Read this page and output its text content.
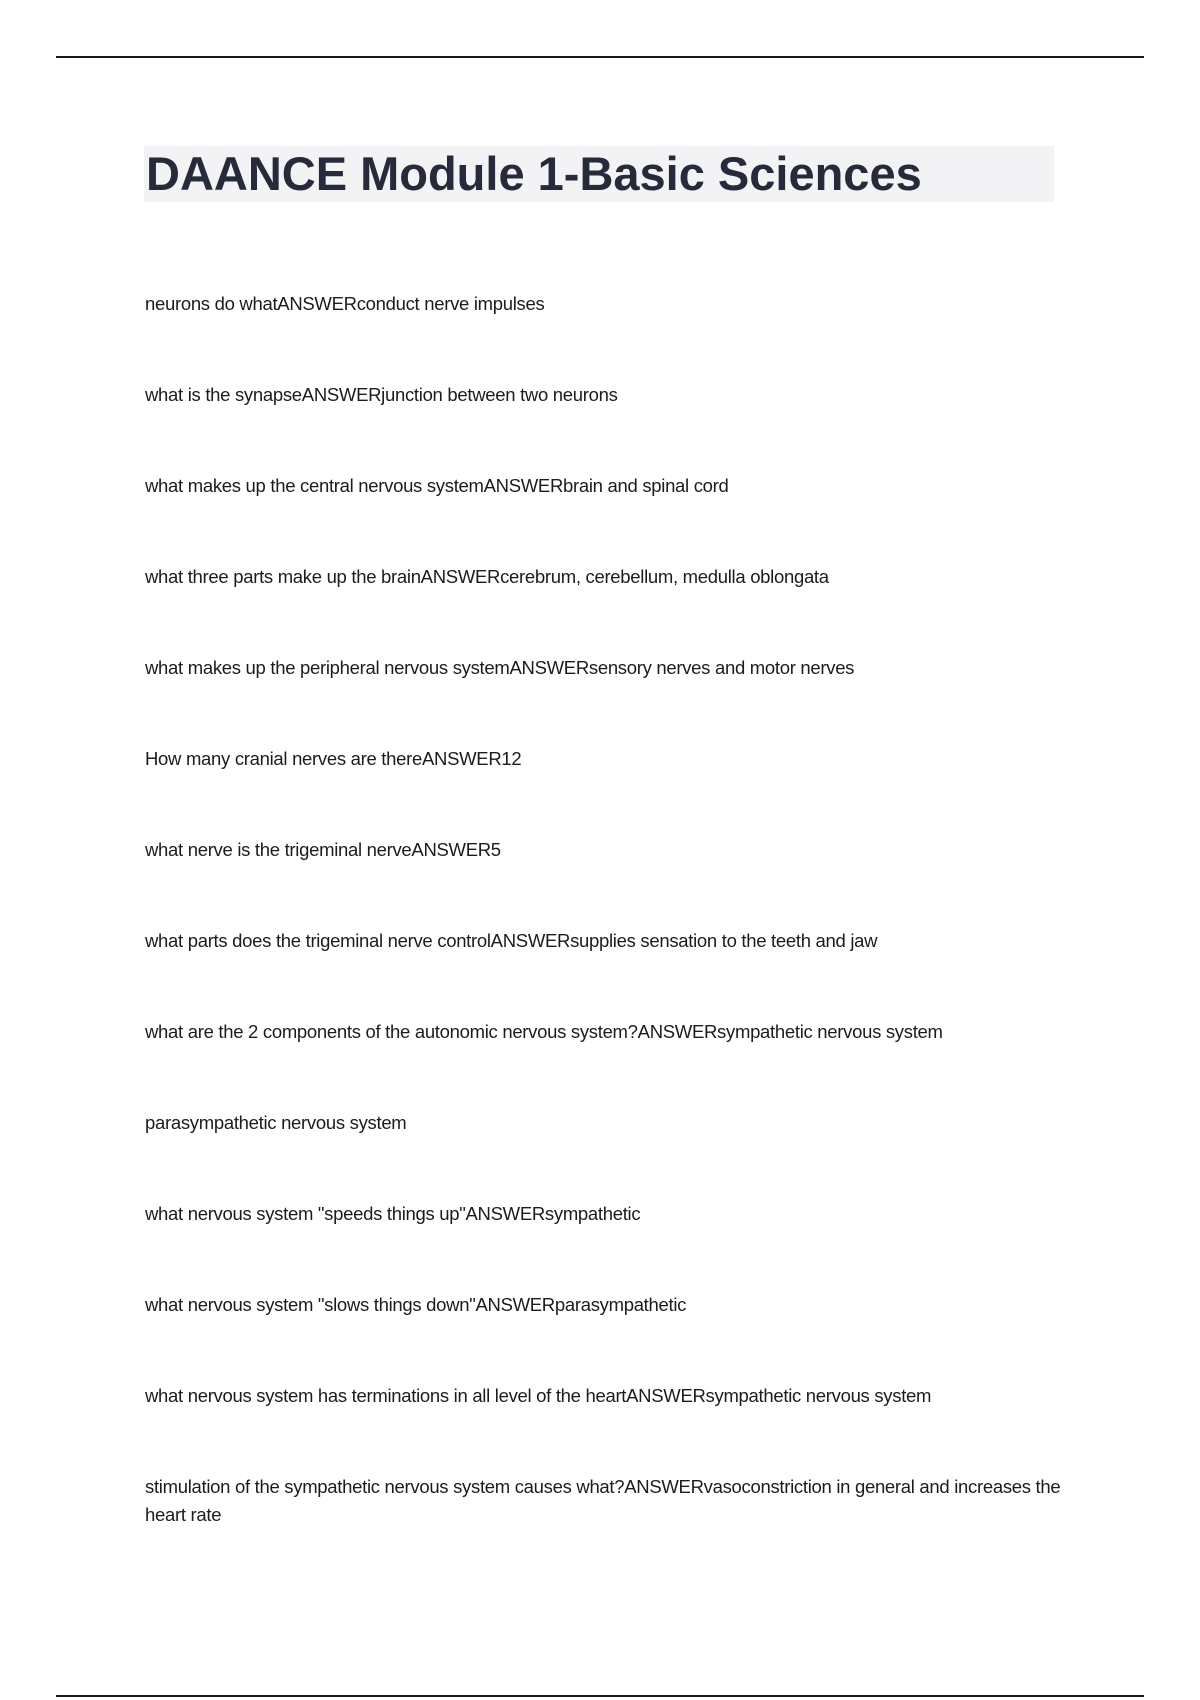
DAANCE Module 1-Basic Sciences
neurons do whatANSWERconduct nerve impulses
what is the synapseANSWERjunction between two neurons
what makes up the central nervous systemANSWERbrain and spinal cord
what three parts make up the brainANSWERcerebrum, cerebellum, medulla oblongata
what makes up the peripheral nervous systemANSWERsensory nerves and motor nerves
How many cranial nerves are thereANSWER12
what nerve is the trigeminal nerveANSWER5
what parts does the trigeminal nerve controlANSWERsupplies sensation to the teeth and jaw
what are the 2 components of the autonomic nervous system?ANSWERsympathetic nervous system
parasympathetic nervous system
what nervous system "speeds things up"ANSWERsympathetic
what nervous system "slows things down"ANSWERparasympathetic
what nervous system has terminations in all level of the heartANSWERsympathetic nervous system
stimulation of the sympathetic nervous system causes what?ANSWERvasoconstriction in general and increases the heart rate
